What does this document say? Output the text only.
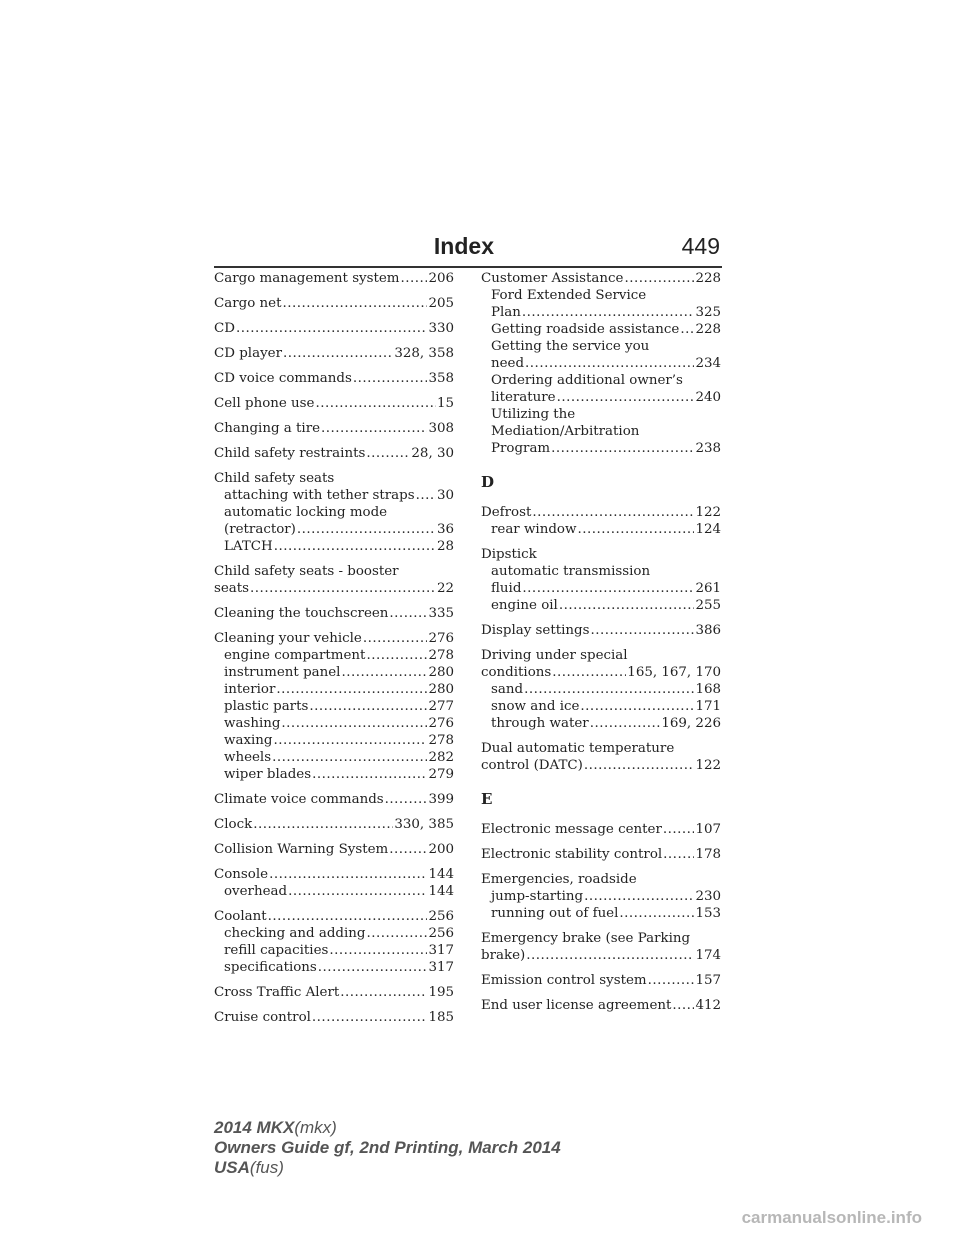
Index	449
Cargo management system ..... 206
Cargo net .....	205
CD .....	330
CD player .....	328, 358
CD voice commands .....	358
Cell phone use .....	15
Changing a tire .....	308
Child safety restraints .....	28, 30
Child safety seats
attaching with tether straps ..... 30
automatic locking mode
(retractor) .....	36
LATCH .....	28
Child safety seats - booster
seats .....	22
Cleaning the touchscreen .....	335
Cleaning your vehicle .....	276
engine compartment .....	278
instrument panel .....	280
interior .....	280
plastic parts .....	277
washing .....	276
waxing .....	278
wheels .....	282
wiper blades .....	279
Climate voice commands .....	399
Clock .....	330, 385
Collision Warning System .....	200
Console .....	144
overhead .....	144
Coolant .....	256
checking and adding .....	256
refill capacities .....	317
specifications .....	317
Cross Traffic Alert .....	195
Cruise control .....	185
Customer Assistance .....	228
Ford Extended Service
Plan .....	325
Getting roadside assistance ..... 228
Getting the service you
need .....	234
Ordering additional owner’s
literature .....	240
Utilizing the
Mediation/Arbitration
Program .....	238
D
Defrost .....	122
rear window .....	124
Dipstick
automatic transmission
fluid .....	261
engine oil .....	255
Display settings .....	386
Driving under special
conditions .....	165, 167, 170
sand .....	168
snow and ice .....	171
through water .....	169, 226
Dual automatic temperature
control (DATC) .....	122
E
Electronic message center .....	107
Electronic stability control ..... 178
Emergencies, roadside
jump-starting .....	230
running out of fuel .....	153
Emergency brake (see Parking
brake) .....	174
Emission control system .....	157
End user license agreement ..... 412
2014 MKX(mkx)
Owners Guide gf, 2nd Printing, March 2014
USA(fus)
carmanualsonline.info
